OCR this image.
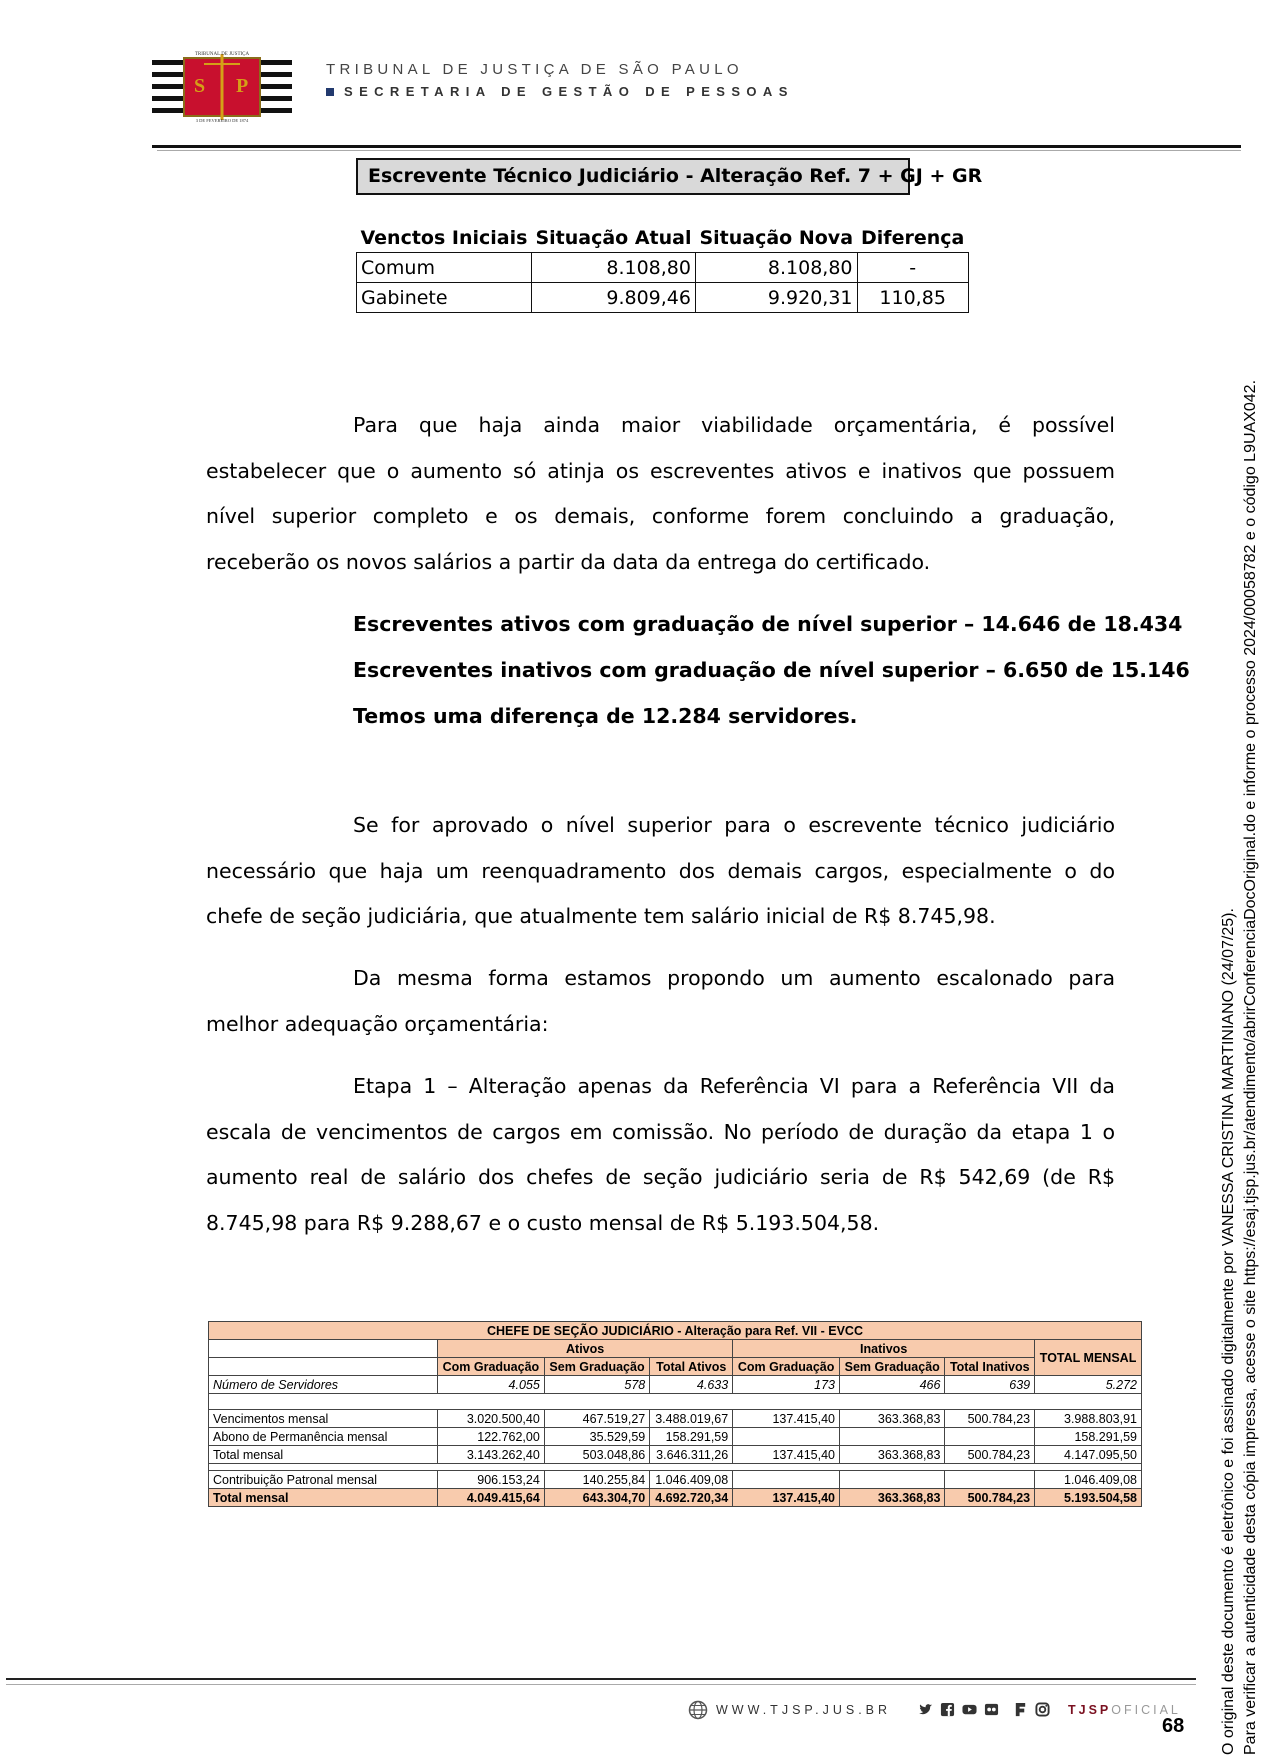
S P
TRIBUNAL DE JUSTIÇA
3 DE FEVEREIRO DE 1874
TRIBUNAL DE JUSTIÇA DE SÃO PAULO
SECRETARIA DE GESTÃO DE PESSOAS
Escrevente Técnico Judiciário - Alteração Ref. 7 + GJ + GR
Venctos Iniciais	Situação Atual	Situação Nova	Diferença
Comum	8.108,80	8.108,80	-
Gabinete	9.809,46	9.920,31	110,85
Para que haja ainda maior viabilidade orçamentária, é possível estabelecer que o aumento só atinja os escreventes ativos e inativos que possuem nível superior completo e os demais, conforme forem concluindo a graduação, receberão os novos salários a partir da data da entrega do certificado.
Escreventes ativos com graduação de nível superior – 14.646 de 18.434
Escreventes inativos com graduação de nível superior – 6.650 de 15.146
Temos uma diferença de 12.284 servidores.
Se for aprovado o nível superior para o escrevente técnico judiciário necessário que haja um reenquadramento dos demais cargos, especialmente o do chefe de seção judiciária, que atualmente tem salário inicial de R$ 8.745,98.
Da mesma forma estamos propondo um aumento escalonado para melhor adequação orçamentária:
Etapa 1 – Alteração apenas da Referência VI para a Referência VII da escala de vencimentos de cargos em comissão. No período de duração da etapa 1 o aumento real de salário dos chefes de seção judiciário seria de R$ 542,69 (de R$ 8.745,98 para R$ 9.288,67 e o custo mensal de R$ 5.193.504,58.
CHEFE DE SEÇÃO JUDICIÁRIO - Alteração para Ref. VII - EVCC							
	Ativos			Inativos			TOTAL MENSAL
	Com Graduação	Sem Graduação	Total Ativos	Com Graduação	Sem Graduação	Total Inativos	
Número de Servidores	4.055	578	4.633	173	466	639	5.272

Vencimentos mensal	3.020.500,40	467.519,27	3.488.019,67	137.415,40	363.368,83	500.784,23	3.988.803,91
Abono de Permanência mensal	122.762,00	35.529,59	158.291,59				158.291,59
Total mensal	3.143.262,40	503.048,86	3.646.311,26	137.415,40	363.368,83	500.784,23	4.147.095,50

Contribuição Patronal mensal	906.153,24	140.255,84	1.046.409,08				1.046.409,08
Total mensal	4.049.415,64	643.304,70	4.692.720,34	137.415,40	363.368,83	500.784,23	5.193.504,58	O original deste documento é eletrônico e foi assinado digitalmente por VANESSA CRISTINA MARTINIANO (24/07/25). Para verificar a autenticidade desta cópia impressa, acesse o site https://esaj.tjsp.jus.br/atendimento/abrirConferenciaDocOriginal.do e informe o processo 2024/00058782 e o código L9UAX042.
WWW.TJSP.JUS.BR	TJSPOFICIAL
68
